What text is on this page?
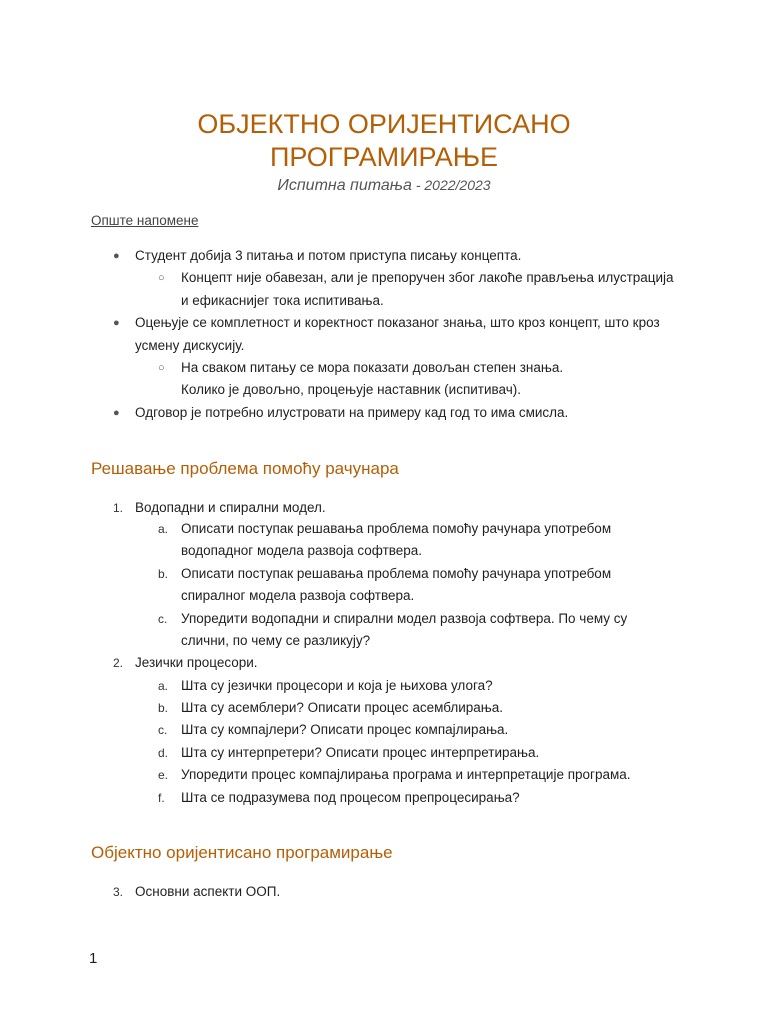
ОБЈЕКТНО ОРИЈЕНТИСАНО
ПРОГРАМИРАЊЕ
Испитна питања - 2022/2023
Опште напомене
● Студент добија 3 питања и потом приступа писању концепта.
○ Концепт није обавезан, али је препоручен због лакоће прављења илустрација
и ефикаснијег тока испитивања.
● Оцењује се комплетност и коректност показаног знања, што кроз концепт, што кроз
усмену дискусију.
○ На сваком питању се мора показати довољан степен знања.
Колико је довољно, процењује наставник (испитивач).
● Одговор је потребно илустровати на примеру кад год то има смисла.
Решавање проблема помоћу рачунара
1. Водопадни и спирални модел.
a. Описати поступак решавања проблема помоћу рачунара употребом
водопадног модела развоја софтвера.
b. Описати поступак решавања проблема помоћу рачунара употребом
спиралног модела развоја софтвера.
c. Упоредити водопадни и спирални модел развоја софтвера. По чему су
слични, по чему се разликују?
2. Језички процесори.
a. Шта су језички процесори и која је њихова улога?
b. Шта су асемблери? Описати процес асемблирања.
c. Шта су компајлери? Описати процес компајлирања.
d. Шта су интерпретери? Описати процес интерпретирања.
e. Упоредити процес компајлирања програма и интерпретације програма.
f. Шта се подразумева под процесом препроцесирања?
Објектно оријентисано програмирање
3. Основни аспекти ООП.
1
